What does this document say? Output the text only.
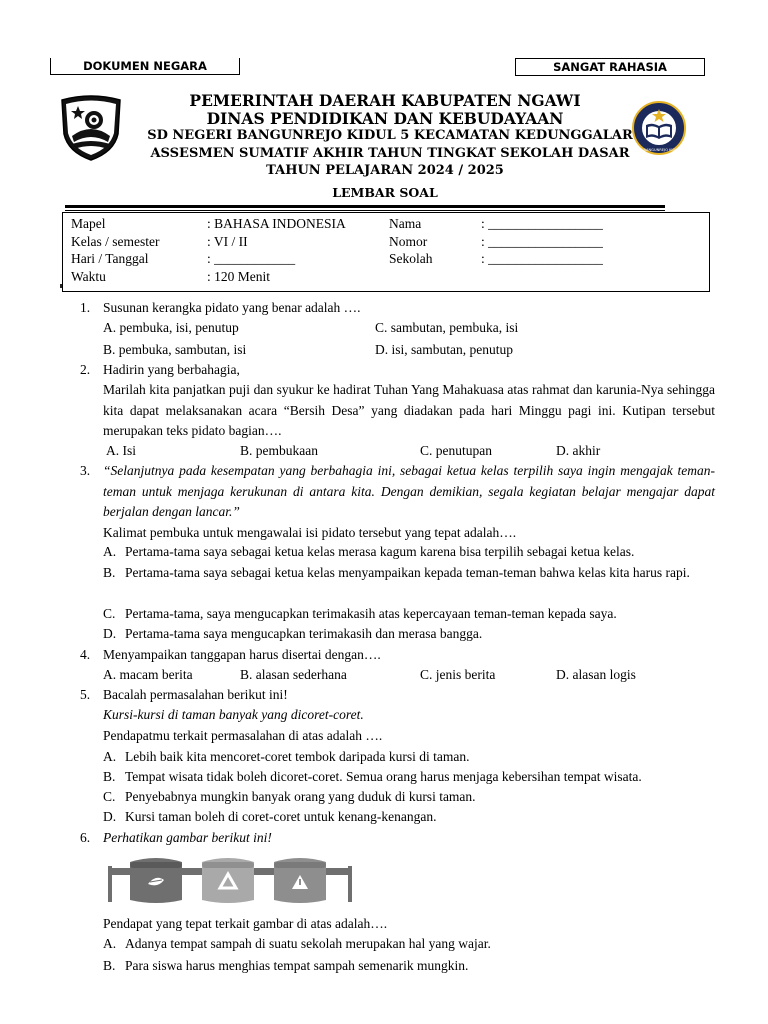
DOKUMEN NEGARA	SANGAT RAHASIA
SDN BANGUNREJO KIDUL 5
PEMERINTAH DAERAH KABUPATEN NGAWI
DINAS PENDIDIKAN DAN KEBUDAYAAN
SD NEGERI BANGUNREJO KIDUL 5 KECAMATAN KEDUNGGALAR
ASSESMEN SUMATIF AKHIR TAHUN TINGKAT SEKOLAH DASAR
TAHUN PELAJARAN 2024 / 2025
LEMBAR SOAL
Mapel	: BAHASA INDONESIA	Nama	: _________________
Kelas / semester	: VI / II	Nomor	: _________________
Hari / Tanggal	: ____________	Sekolah	: _________________
Waktu	: 120 Menit
1. Susunan kerangka pidato yang benar adalah ….
A. pembuka, isi, penutup	C. sambutan, pembuka, isi
B. pembuka, sambutan, isi	D. isi, sambutan, penutup
2. Hadirin yang berbahagia,
Marilah kita panjatkan puji dan syukur ke hadirat Tuhan Yang Mahakuasa atas rahmat dan karunia-Nya sehingga kita dapat melaksanakan acara “Bersih Desa” yang diadakan pada hari Minggu pagi ini. Kutipan tersebut merupakan teks pidato bagian….
A. Isi	B. pembukaan	C. penutupan	D. akhir
3. “Selanjutnya pada kesempatan yang berbahagia ini, sebagai ketua kelas terpilih saya ingin mengajak teman-teman untuk menjaga kerukunan di antara kita. Dengan demikian, segala kegiatan belajar mengajar dapat berjalan dengan lancar.”
Kalimat pembuka untuk mengawalai isi pidato tersebut yang tepat adalah….
A. Pertama-tama saya sebagai ketua kelas merasa kagum karena bisa terpilih sebagai ketua kelas.
B. Pertama-tama saya sebagai ketua kelas menyampaikan kepada teman-teman bahwa kelas kita harus rapi.
C. Pertama-tama, saya mengucapkan terimakasih atas kepercayaan teman-teman kepada saya.
D. Pertama-tama saya mengucapkan terimakasih dan merasa bangga.
4. Menyampaikan tanggapan harus disertai dengan….
A. macam berita	B. alasan sederhana	C. jenis berita	D. alasan logis
5. Bacalah permasalahan berikut ini!
Kursi-kursi di taman banyak yang dicoret-coret.
Pendapatmu terkait permasalahan di atas adalah ….
A. Lebih baik kita mencoret-coret tembok daripada kursi di taman.
B. Tempat wisata tidak boleh dicoret-coret. Semua orang harus menjaga kebersihan tempat wisata.
C. Penyebabnya mungkin banyak orang yang duduk di kursi taman.
D. Kursi taman boleh di coret-coret untuk kenang-kenangan.
6. Perhatikan gambar berikut ini!
Pendapat yang tepat terkait gambar di atas adalah….
A. Adanya tempat sampah di suatu sekolah merupakan hal yang wajar.
B. Para siswa harus menghias tempat sampah semenarik mungkin.
